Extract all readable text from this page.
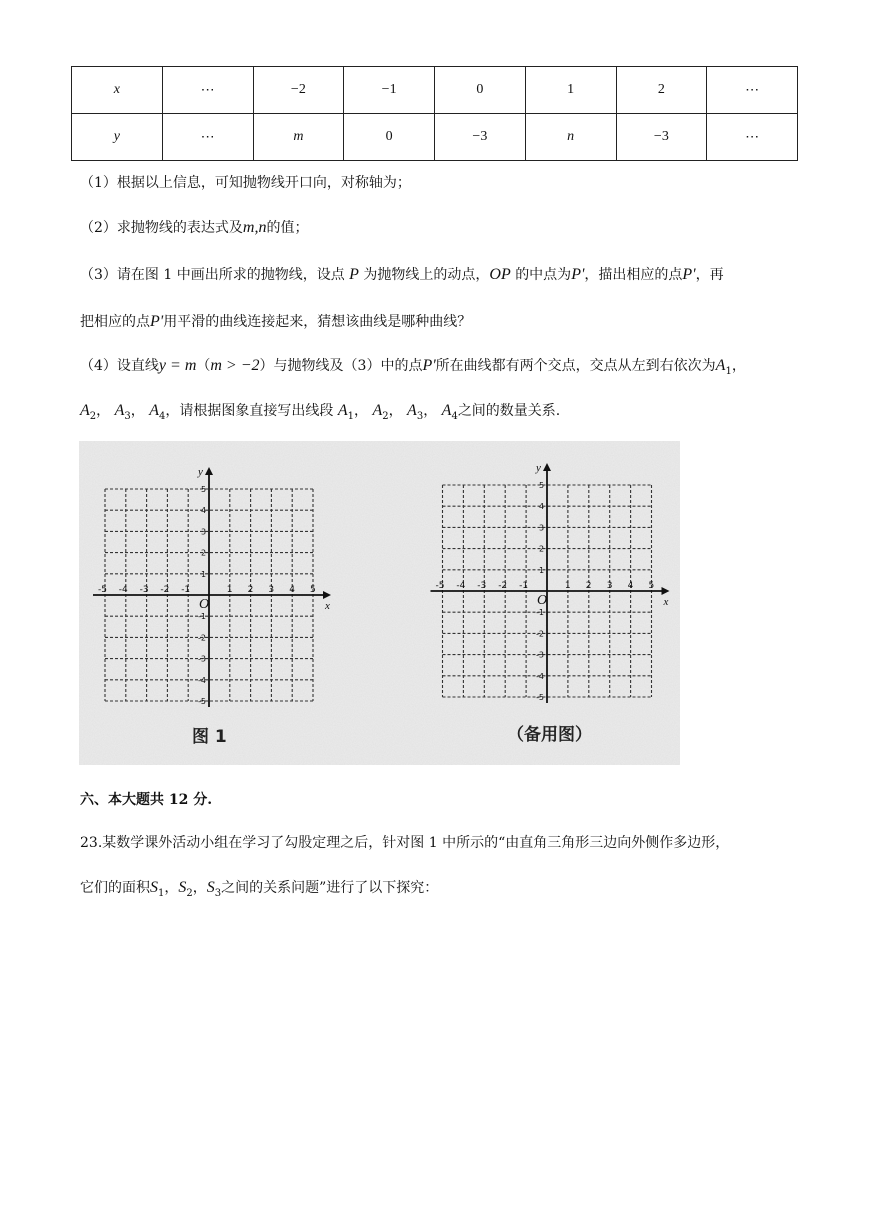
x	⋯	−2	−1	0	1	2	⋯
y	⋯	m	0	−3	n	−3	⋯
（1）根据以上信息，可知抛物线开口向，对称轴为；
（2）求抛物线的表达式及m,n的值；
（3）请在图 1 中画出所求的抛物线，设点 P 为抛物线上的动点，OP 的中点为P'，描出相应的点P'，再
把相应的点P'用平滑的曲线连接起来，猜想该曲线是哪种曲线？
（4）设直线y = m（m > −2）与抛物线及（3）中的点P'所在曲线都有两个交点，交点从左到右依次为$A_1$，
$A_2$， $A_3$， $A_4$，请根据图象直接写出线段 $A_1$， $A_2$， $A_3$， $A_4$之间的数量关系.
x
y
O
-5 -4 -3 -2 -1	1 2 3 4 5
5
4
3
2
1
-1
-2
-3
-4
-5
x
y
O
-5 -4 -3 -2 -1	1 2 3 4 5
5
4
3
2
1
-1
-2
-3
-4
-5
图 1	（备用图）
六、本大题共 12 分.
23.某数学课外活动小组在学习了勾股定理之后，针对图 1 中所示的“由直角三角形三边向外侧作多边形，
它们的面积$S_1$，$S_2$，$S_3$之间的关系问题”进行了以下探究：
